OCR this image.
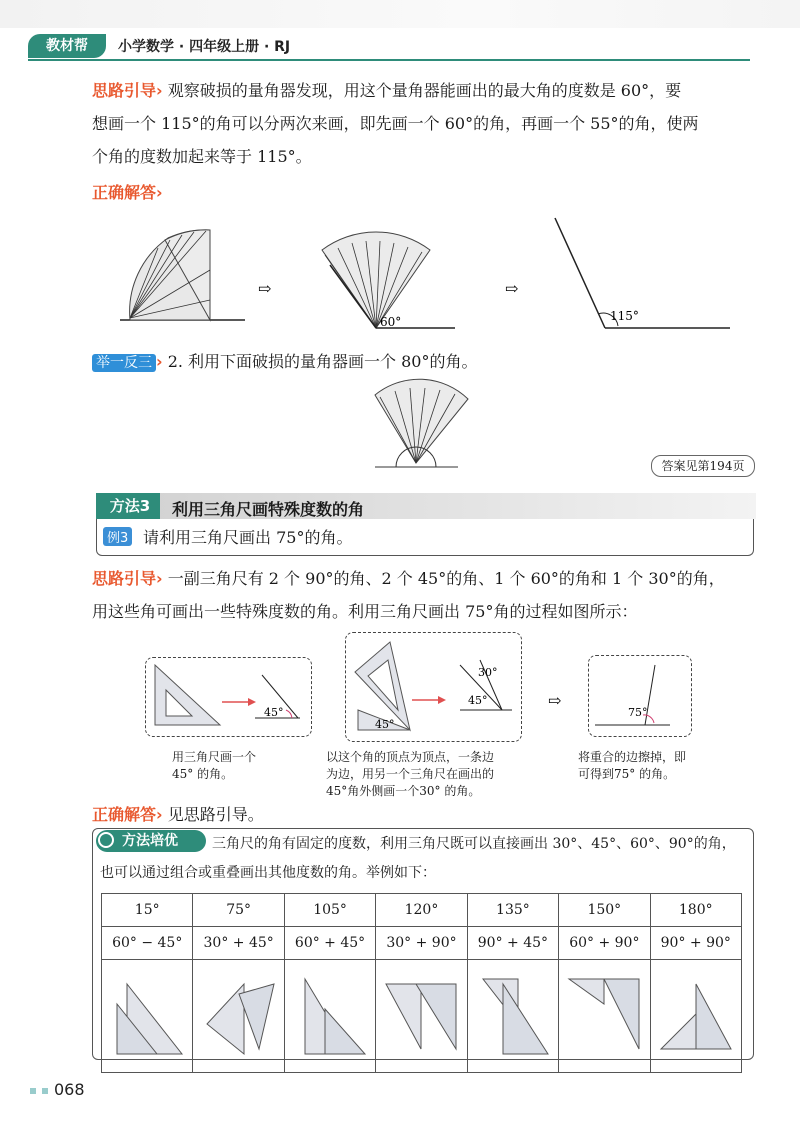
教材帮	小学数学 · 四年级上册 · RJ
思路引导› 观察破损的量角器发现，用这个量角器能画出的最大角的度数是 60°，要
想画一个 115°的角可以分两次来画，即先画一个 60°的角，再画一个 55°的角，使两
个角的度数加起来等于 115°。
正确解答›
⇨
60°
⇨
115°
举一反三 › 2. 利用下面破损的量角器画一个 80°的角。
答案见第194页
方法3	利用三角尺画特殊度数的角
例3 请利用三角尺画出 75°的角。
思路引导› 一副三角尺有 2 个 90°的角、2 个 45°的角、1 个 60°的角和 1 个 30°的角，
用这些角可画出一些特殊度数的角。利用三角尺画出 75°角的过程如图所示：
45°
45°
30°
45°	⇨
75°
用三角尺画一个
45° 的角。
以这个角的顶点为顶点，一条边
为边，用另一个三角尺在画出的
45°角外侧画一个30° 的角。
将重合的边擦掉，即
可得到75° 的角。
正确解答› 见思路引导。
方法培优	三角尺的角有固定的度数，利用三角尺既可以直接画出 30°、45°、60°、90°的角，
也可以通过组合或重叠画出其他度数的角。举例如下：
15°	75°	105°	120°	135°	150°	180°
60° − 45°	30° + 45°	60° + 45°	30° + 90°	90° + 45°	60° + 90°	90° + 90°

068
